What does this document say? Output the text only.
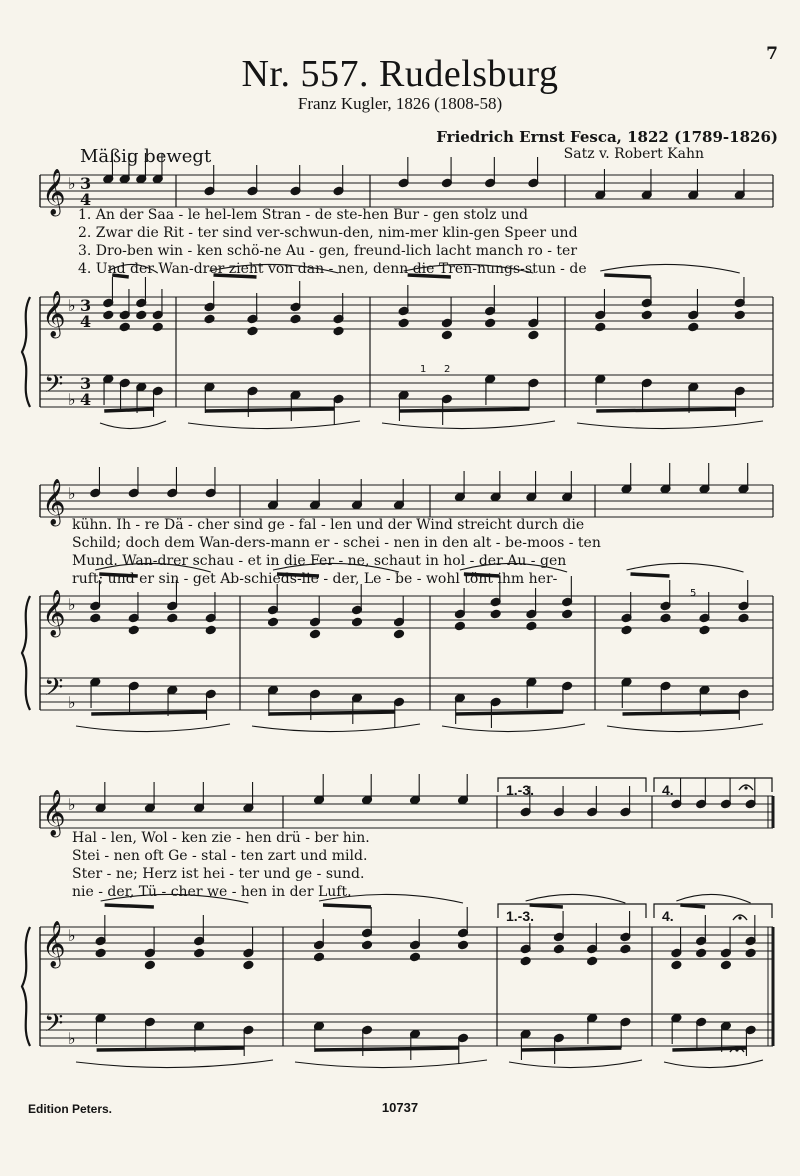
7
Nr. 557. Rudelsburg
Franz Kugler, 1826 (1808-58)
Friedrich Ernst Fesca, 1822 (1789-1826)
Satz v. Robert Kahn
Mäßig bewegt
𝄞
𝄞
𝄢
♭
♭
♭
3
4
3
4
3
4
𝄞
𝄞
𝄢
♭
♭
♭
𝄞
𝄞
𝄢
♭
♭
♭
1 2
5
1. An der Saa - le hel-lem Stran - de ste-hen Bur - gen stolz und
2. Zwar die Rit - ter sind ver-schwun-den, nim-mer klin-gen Speer und
3. Dro-ben win - ken schö-ne Au - gen, freund-lich lacht manch ro - ter
4. Und der Wan-drer zieht von dan - nen, denn die Tren-nungs-stun - de
kühn. Ih - re Dä - cher sind ge - fal - len und der Wind streicht durch die
Schild; doch dem Wan-ders-mann er - schei - nen in den alt - be-moos - ten
Mund. Wan-drer schau - et in die Fer - ne, schaut in hol - der Au - gen
ruft; und er sin - get Ab-schieds-lie - der, Le - be - wohl tönt ihm her-
Hal - len, Wol - ken zie - hen drü - ber hin.
Stei - nen oft Ge - stal - ten zart und mild.
Ster - ne; Herz ist hei - ter und ge - sund.
nie - der, Tü - cher we - hen in der Luft.
1.-3.	4.
1.-3.	4.
Edition Peters.	10737
